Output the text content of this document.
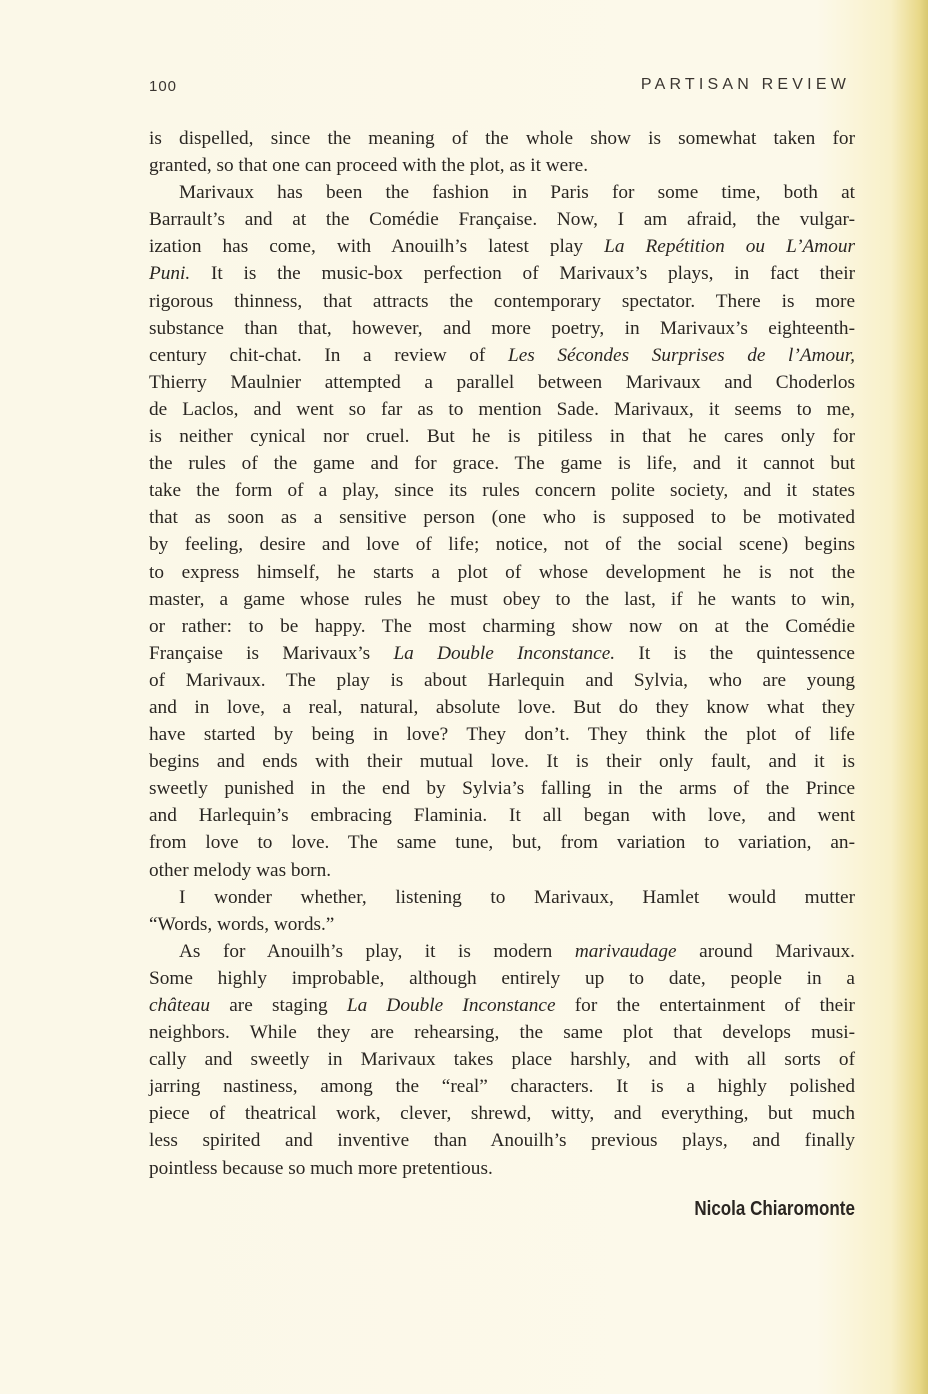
100	PARTISAN REVIEW
is dispelled, since the meaning of the whole show is somewhat taken for
granted, so that one can proceed with the plot, as it were.
Marivaux has been the fashion in Paris for some time, both at
Barrault’s and at the Comédie Française. Now, I am afraid, the vulgar-
ization has come, with Anouilh’s latest play La Repétition ou L’Amour
Puni. It is the music-box perfection of Marivaux’s plays, in fact their
rigorous thinness, that attracts the contemporary spectator. There is more
substance than that, however, and more poetry, in Marivaux’s eighteenth-
century chit-chat. In a review of Les Sécondes Surprises de l’Amour,
Thierry Maulnier attempted a parallel between Marivaux and Choderlos
de Laclos, and went so far as to mention Sade. Marivaux, it seems to me,
is neither cynical nor cruel. But he is pitiless in that he cares only for
the rules of the game and for grace. The game is life, and it cannot but
take the form of a play, since its rules concern polite society, and it states
that as soon as a sensitive person (one who is supposed to be motivated
by feeling, desire and love of life; notice, not of the social scene) begins
to express himself, he starts a plot of whose development he is not the
master, a game whose rules he must obey to the last, if he wants to win,
or rather: to be happy. The most charming show now on at the Comédie
Française is Marivaux’s La Double Inconstance. It is the quintessence
of Marivaux. The play is about Harlequin and Sylvia, who are young
and in love, a real, natural, absolute love. But do they know what they
have started by being in love? They don’t. They think the plot of life
begins and ends with their mutual love. It is their only fault, and it is
sweetly punished in the end by Sylvia’s falling in the arms of the Prince
and Harlequin’s embracing Flaminia. It all began with love, and went
from love to love. The same tune, but, from variation to variation, an-
other melody was born.
I wonder whether, listening to Marivaux, Hamlet would mutter
“Words, words, words.”
As for Anouilh’s play, it is modern marivaudage around Marivaux.
Some highly improbable, although entirely up to date, people in a
château are staging La Double Inconstance for the entertainment of their
neighbors. While they are rehearsing, the same plot that develops musi-
cally and sweetly in Marivaux takes place harshly, and with all sorts of
jarring nastiness, among the “real” characters. It is a highly polished
piece of theatrical work, clever, shrewd, witty, and everything, but much
less spirited and inventive than Anouilh’s previous plays, and finally
pointless because so much more pretentious.
Nicola Chiaromonte
